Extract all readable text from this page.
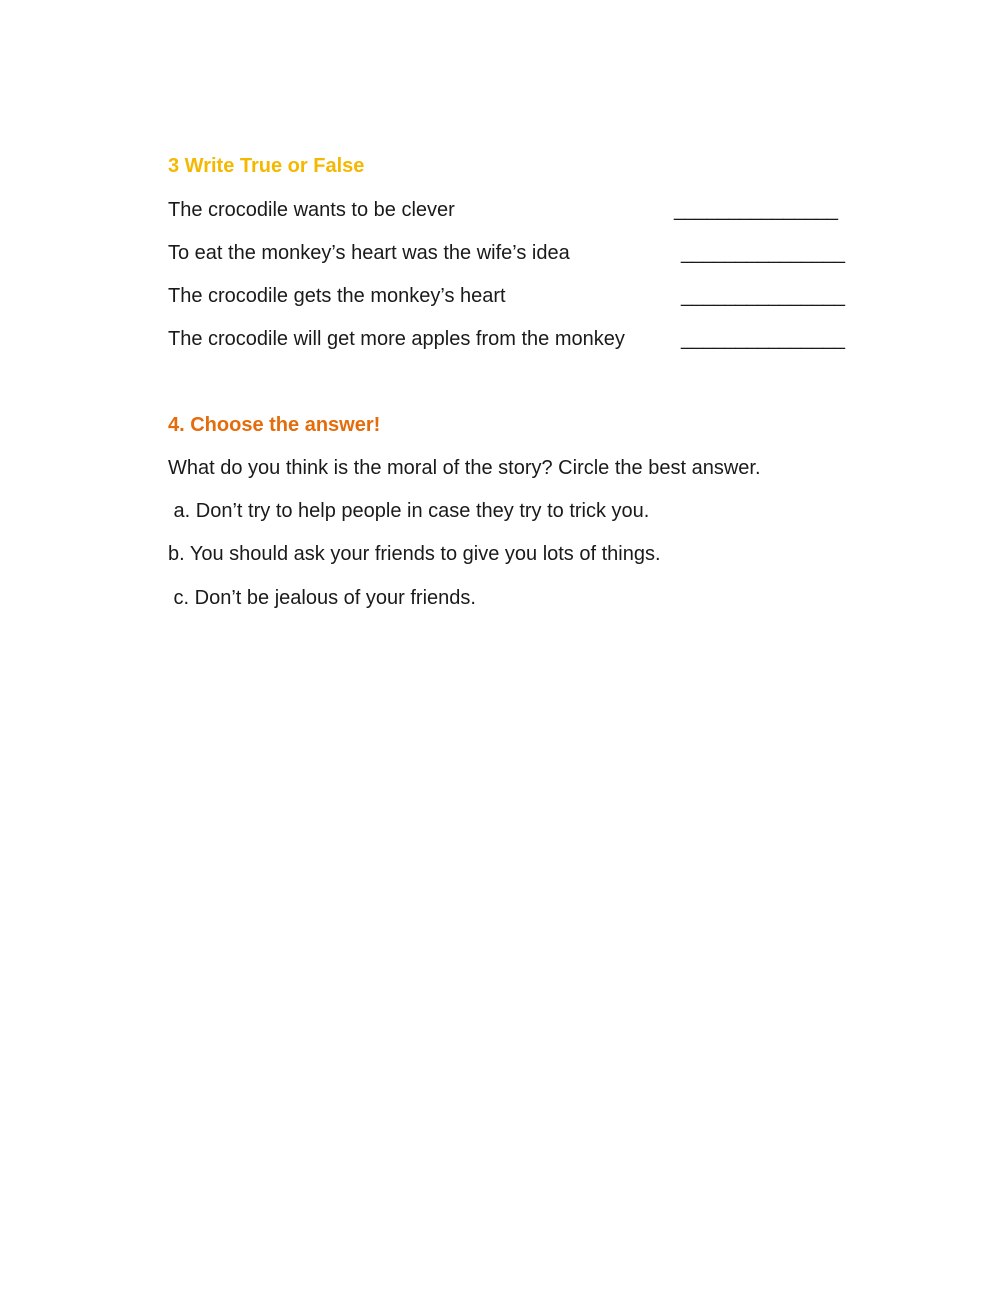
3 Write True or False
The crocodile wants to be clever	_______________
To eat the monkey’s heart was the wife’s idea	_______________
The crocodile gets the monkey’s heart	_______________
The crocodile will get more apples from the monkey	_______________
4. Choose the answer!
What do you think is the moral of the story? Circle the best answer.
a. Don’t try to help people in case they try to trick you.
b. You should ask your friends to give you lots of things.
c. Don’t be jealous of your friends.
